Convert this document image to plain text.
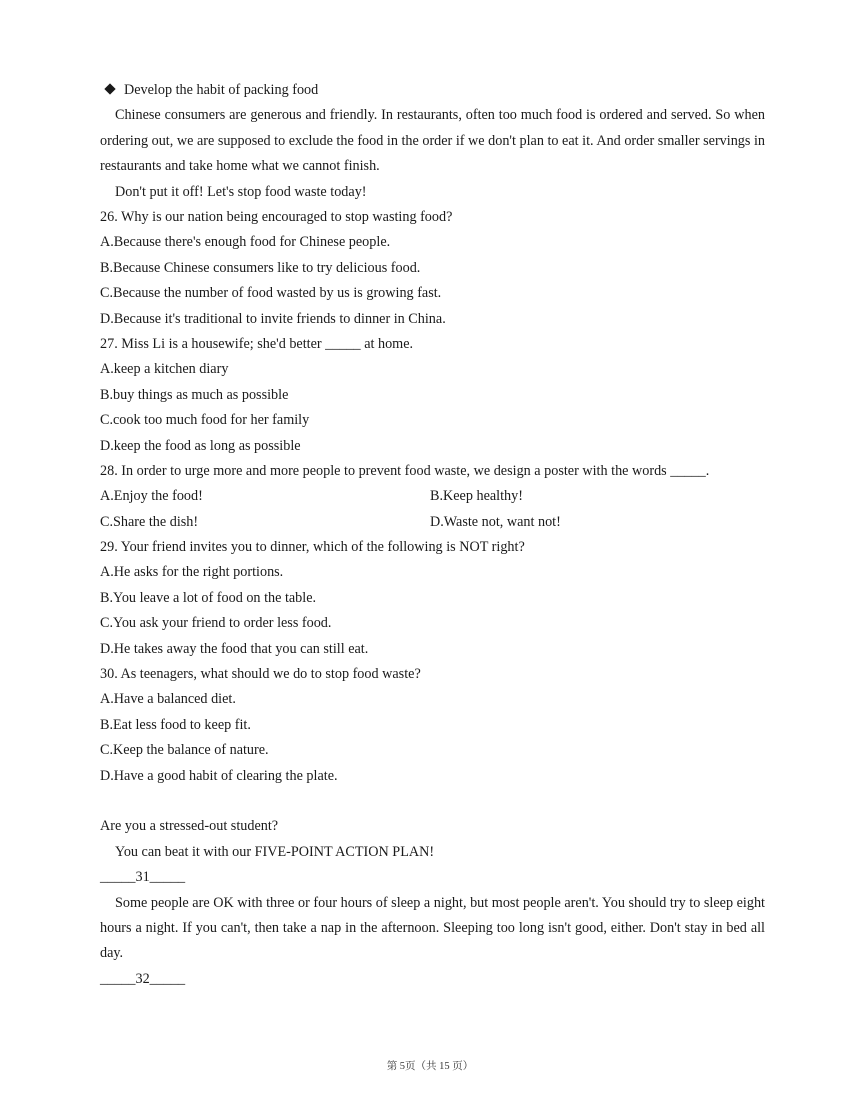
Develop the habit of packing food
Chinese consumers are generous and friendly. In restaurants, often too much food is ordered and served. So when ordering out, we are supposed to exclude the food in the order if we don't plan to eat it. And order smaller servings in restaurants and take home what we cannot finish.
Don't put it off! Let's stop food waste today!
26. Why is our nation being encouraged to stop wasting food?
A.Because there's enough food for Chinese people.
B.Because Chinese consumers like to try delicious food.
C.Because the number of food wasted by us is growing fast.
D.Because it's traditional to invite friends to dinner in China.
27. Miss Li is a housewife; she'd better _____ at home.
A.keep a kitchen diary
B.buy things as much as possible
C.cook too much food for her family
D.keep the food as long as possible
28. In order to urge more and more people to prevent food waste, we design a poster with the words _____.
A.Enjoy the food!	B.Keep healthy!
C.Share the dish!	D.Waste not, want not!
29. Your friend invites you to dinner, which of the following is NOT right?
A.He asks for the right portions.
B.You leave a lot of food on the table.
C.You ask your friend to order less food.
D.He takes away the food that you can still eat.
30. As teenagers, what should we do to stop food waste?
A.Have a balanced diet.
B.Eat less food to keep fit.
C.Keep the balance of nature.
D.Have a good habit of clearing the plate.
Are you a stressed-out student?
You can beat it with our FIVE-POINT ACTION PLAN!
_____31_____
Some people are OK with three or four hours of sleep a night, but most people aren't. You should try to sleep eight hours a night. If you can't, then take a nap in the afternoon. Sleeping too long isn't good, either. Don't stay in bed all day.
_____32_____
第 5页（共 15 页）
